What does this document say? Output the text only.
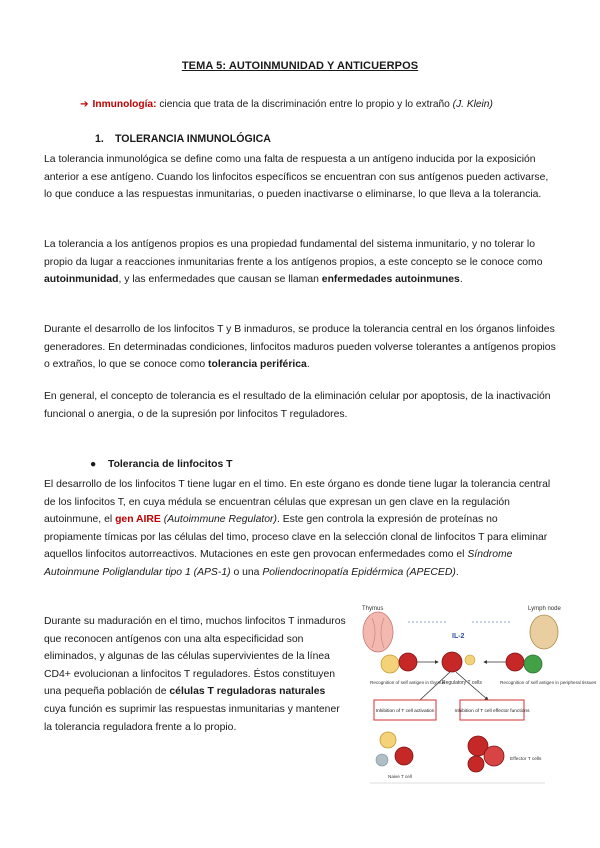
TEMA 5: AUTOINMUNIDAD Y ANTICUERPOS
➔ Inmunología: ciencia que trata de la discriminación entre lo propio y lo extraño (J. Klein)
1. TOLERANCIA INMUNOLÓGICA

La tolerancia inmunológica se define como una falta de respuesta a un antígeno inducida por la exposición anterior a ese antígeno. Cuando los linfocitos específicos se encuentran con sus antígenos pueden activarse, lo que conduce a las respuestas inmunitarias, o pueden inactivarse o eliminarse, lo que lleva a la tolerancia.

La tolerancia a los antígenos propios es una propiedad fundamental del sistema inmunitario, y no tolerar lo propio da lugar a reacciones inmunitarias frente a los antígenos propios, a este concepto se le conoce como autoinmunidad, y las enfermedades que causan se llaman enfermedades autoinmunes.

Durante el desarrollo de los linfocitos T y B inmaduros, se produce la tolerancia central en los órganos linfoides generadores. En determinadas condiciones, linfocitos maduros pueden volverse tolerantes a antígenos propios o extraños, lo que se conoce como tolerancia periférica.

En general, el concepto de tolerancia es el resultado de la eliminación celular por apoptosis, de la inactivación funcional o anergia, o de la supresión por linfocitos T reguladores.

● Tolerancia de linfocitos T

El desarrollo de los linfocitos T tiene lugar en el timo. En este órgano es donde tiene lugar la tolerancia central de los linfocitos T, en cuya médula se encuentran células que expresan un gen clave en la regulación autoinmune, el gen AIRE (Autoimmune Regulator). Este gen controla la expresión de proteínas no propiamente tímicas por las células del timo, proceso clave en la selección clonal de linfocitos T para eliminar aquellos linfocitos autorreactivos. Mutaciones en este gen provocan enfermedades como el Síndrome Autoinmune Poliglandular tipo 1 (APS-1) o una Poliendocrinopatía Epidérmica (APECED).

Durante su maduración en el timo, muchos linfocitos T inmaduros que reconocen antígenos con una alta especificidad son eliminados, y algunas de las células supervivientes de la línea CD4+ evolucionan a linfocitos T reguladores. Éstos constituyen una pequeña población de células T reguladoras naturales cuya función es suprimir las respuestas inmunitarias y mantener la tolerancia reguladora frente a lo propio.

Thymus	Lymph node
IL-2
Recognition of self antigen in thymus
Regulatory T cells	Recognition of self antigen in peripheral tissues
Inhibition of T cell activation	Inhibition of T cell effector functions
Naive T cell
Effector T cells
